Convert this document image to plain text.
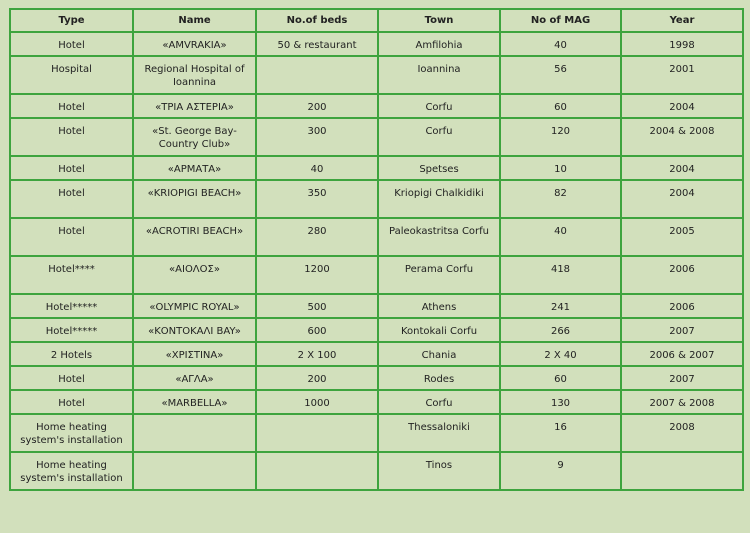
Type	Name	No.of beds	Town	No of MAG	Year
Hotel	«AMVRAKIA»	50 & restaurant	Amfilohia	40	1998
Hospital	Regional Hospital of Ioannina		Ioannina	56	2001
Hotel	«ΤΡΙΑ ΑΣΤΕΡΙΑ»	200	Corfu	60	2004
Hotel	«St. George Bay-Country Club»	300	Corfu	120	2004 & 2008
Hotel	«ΑΡΜΑΤΑ»	40	Spetses	10	2004
Hotel	«KRIOPIGI BEACH»	350	Kriopigi Chalkidiki	82	2004
Hotel	«ACROTIRI BEACH»	280	Paleokastritsa Corfu	40	2005
Hotel****	«ΑΙΟΛΟΣ»	1200	Perama Corfu	418	2006
Hotel*****	«OLYMPIC ROYAL»	500	Athens	241	2006
Hotel*****	«ΚΟΝΤΟΚΑΛΙ BAY»	600	Kontokali Corfu	266	2007
2 Hotels	«ΧΡΙΣΤΙΝΑ»	2 X 100	Chania	2 X 40	2006 & 2007
Hotel	«ΑΓΛΑ»	200	Rodes	60	2007
Hotel	«MARBELLA»	1000	Corfu	130	2007 & 2008
Home heating system's installation			Thessaloniki	16	2008
Home heating system's installation			Tinos	9	
